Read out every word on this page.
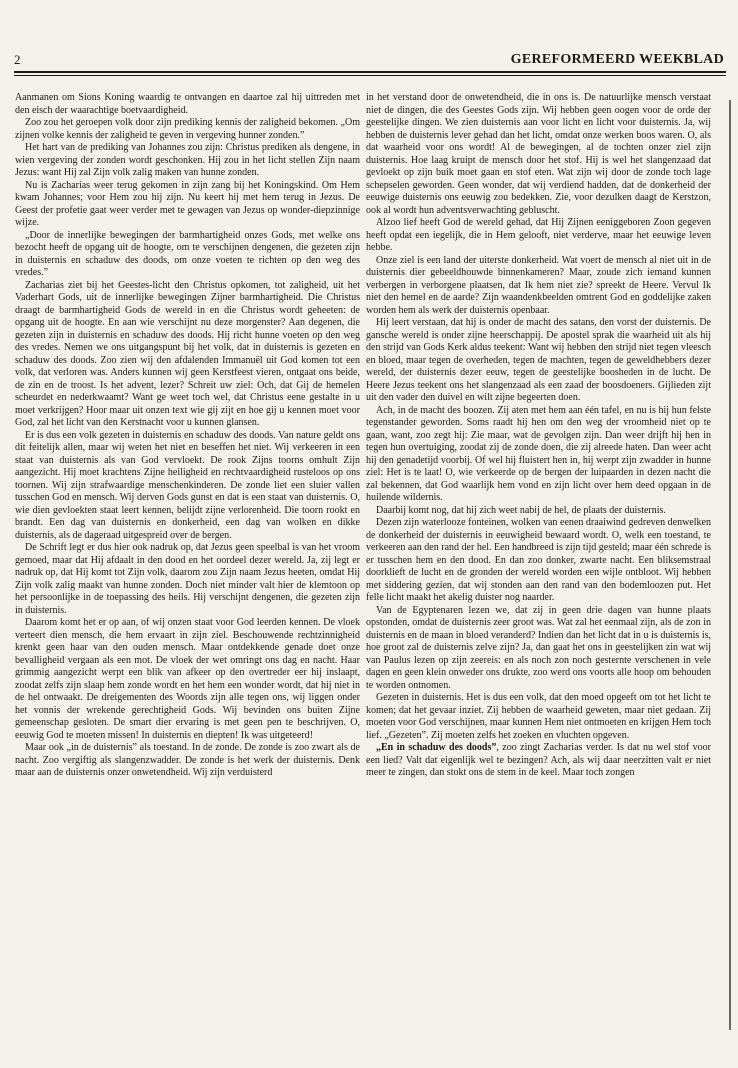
2	GEREFORMEERD WEEKBLAD

Aanmanen om Sions Koning waardig te ontvangen en daartoe zal hij uittreden met den eisch der waarachtige boetvaardigheid.

Zoo zou het geroepen volk door zijn prediking kennis der zaligheid bekomen. „Om zijnen volke kennis der zaligheid te geven in vergeving hunner zonden.”

Het hart van de prediking van Johannes zou zijn: Christus prediken als dengene, in wien vergeving der zonden wordt geschonken. Hij zou in het licht stellen Zijn naam Jezus: want Hij zal Zijn volk zalig maken van hunne zonden.

Nu is Zacharias weer terug gekomen in zijn zang bij het Koningskind. Om Hem kwam Johannes; voor Hem zou hij zijn. Nu keert hij met hem terug in Jezus. De Geest der profetie gaat weer verder met te gewagen van Jezus op wonder-diepzinnige wijze.

„Door de innerlijke bewegingen der barmhartigheid onzes Gods, met welke ons bezocht heeft de opgang uit de hoogte, om te verschijnen dengenen, die gezeten zijn in duisternis en schaduw des doods, om onze voeten te richten op den weg des vredes.”

Zacharias ziet bij het Geestes-licht den Christus opkomen, tot zaligheid, uit het Vaderhart Gods, uit de innerlijke bewegingen Zijner barmhartigheid. Die Christus draagt de barmhartigheid Gods de wereld in en die Christus wordt geheeten: de opgang uit de hoogte. En aan wie verschijnt nu deze morgenster? Aan degenen, die gezeten zijn in duisternis en schaduw des doods. Hij richt hunne voeten op den weg des vredes. Nemen we ons uitgangspunt bij het volk, dat in duisternis is gezeten en schaduw des doods. Zoo zien wij den afdalenden Immanuël uit God komen tot een volk, dat verloren was. Anders kunnen wij geen Kerstfeest vieren, ontgaat ons beide, de zin en de troost. Is het advent, lezer? Schreit uw ziel: Och, dat Gij de hemelen scheurdet en nederkwaamt? Want ge weet toch wel, dat Christus eene gestalte in u moet verkrijgen? Hoor maar uit onzen text wie gij zijt en hoe gij u kennen moet voor God, zal het licht van den Kerstnacht voor u kunnen glansen.

Er is dus een volk gezeten in duisternis en schaduw des doods. Van nature geldt ons dit feitelijk allen, maar wij weten het niet en beseffen het niet. Wij verkeeren in een staat van duisternis als van God vervloekt. De rook Zijns toorns omhult Zijn aangezicht. Hij moet krachtens Zijne heiligheid en rechtvaardigheid rusteloos op ons toornen. Wij zijn strafwaardige menschenkinderen. De zonde liet een sluier vallen tusschen God en mensch. Wij derven Gods gunst en dat is een staat van duisternis. O, wie dien gevloekten staat leert kennen, belijdt zijne verlorenheid. Die toorn rookt en brandt. Een dag van duisternis en donkerheid, een dag van wolken en dikke duisternis, als de dageraad uitgespreid over de bergen.

De Schrift legt er dus hier ook nadruk op, dat Jezus geen speelbal is van het vroom gemoed, maar dat Hij afdaalt in den dood en het oordeel dezer wereld. Ja, zij legt er nadruk op, dat Hij komt tot Zijn volk, daarom zou Zijn naam Jezus heeten, omdat Hij Zijn volk zalig maakt van hunne zonden. Doch niet minder valt hier de klemtoon op het persoonlijke in de toepassing des heils. Hij verschijnt dengenen, die gezeten zijn in duisternis.

Daarom komt het er op aan, of wij onzen staat voor God leerden kennen. De vloek verteert dien mensch, die hem ervaart in zijn ziel. Beschouwende rechtzinnigheid krenkt geen haar van den ouden mensch. Maar ontdekkende genade doet onze bevalligheid vergaan als een mot. De vloek der wet omringt ons dag en nacht. Haar grimmig aangezicht werpt een blik van afkeer op den overtreder eer hij inslaapt, zoodat zelfs zijn slaap hem zonde wordt en het hem een wonder wordt, dat hij niet in de hel ontwaakt. De dreigementen des Woords zijn alle tegen ons, wij liggen onder het vonnis der wrekende gerechtigheid Gods. Wij bevinden ons buiten Zijne gemeenschap gesloten. De smart dier ervaring is met geen pen te beschrijven. O, eeuwig God te moeten missen! In duisternis en diepten! Ik was uitgeteerd!

Maar ook „in de duisternis” als toestand. In de zonde. De zonde is zoo zwart als de nacht. Zoo vergiftig als slangenzwadder. De zonde is het werk der duisternis. Denk maar aan de duisternis onzer onwetendheid. Wij zijn verduisterd

in het verstand door de onwetendheid, die in ons is. De natuurlijke mensch verstaat niet de dingen, die des Geestes Gods zijn. Wij hebben geen oogen voor de orde der geestelijke dingen. We zien duisternis aan voor licht en licht voor duisternis. Ja, wij hebben de duisternis lever gehad dan het licht, omdat onze werken boos waren. O, als dat waarheid voor ons wordt! Al de bewegingen, al de tochten onzer ziel zijn duisternis. Hoe laag kruipt de mensch door het stof. Hij is wel het slangenzaad dat gevloekt op zijn buik moet gaan en stof eten. Wat zijn wij door de zonde toch lage schepselen geworden. Geen wonder, dat wij verdiend hadden, dat de donkerheid der eeuwige duisternis ons eeuwig zou bedekken. Zie, voor dezulken daagt de Kerstzon, ook al wordt hun adventsverwachting gebluscht.

Alzoo lief heeft God de wereld gehad, dat Hij Zijnen eeniggeboren Zoon gegeven heeft opdat een iegelijk, die in Hem gelooft, niet verderve, maar het eeuwige leven hebbe.

Onze ziel is een land der uiterste donkerheid. Wat voert de mensch al niet uit in de duisternis dier gebeeldhouwde binnenkameren? Maar, zoude zich iemand kunnen verbergen in verborgene plaatsen, dat Ik hem niet zie? spreekt de Heere. Vervul Ik niet den hemel en de aarde? Zijn waandenkbeelden omtrent God en goddelijke zaken worden hem als werk der duisternis openbaar.

Hij leert verstaan, dat hij is onder de macht des satans, den vorst der duisternis. De gansche wereld is onder zijne heerschappij. De apostel sprak die waarheid uit als hij den strijd van Gods Kerk aldus teekent: Want wij hebben den strijd niet tegen vleesch en bloed, maar tegen de overheden, tegen de machten, tegen de geweldhebbers dezer wereld, der duisternis dezer eeuw, tegen de geestelijke boosheden in de lucht. De Heere Jezus teekent ons het slangenzaad als een zaad der boosdoeners. Gijlieden zijt uit den vader den duivel en wilt zijne begeerten doen.

Ach, in de macht des boozen. Zij aten met hem aan één tafel, en nu is hij hun felste tegenstander geworden. Soms raadt hij hen om den weg der vroomheid niet op te gaan, want, zoo zegt hij: Zie maar, wat de gevolgen zijn. Dan weer drijft hij hen in tegen hun overtuiging, zoodat zij de zonde doen, die zij alreede haten. Dan weer acht hij den genadetijd voorbij. Of wel hij fluistert hen in, hij werpt zijn zwadder in hunne ziel: Het is te laat! O, wie verkeerde op de bergen der luipaarden in dezen nacht die zal bekennen, dat God waarlijk hem vond en zijn licht over hem deed opgaan in de huilende wildernis.

Daarbij komt nog, dat hij zich weet nabij de hel, de plaats der duisternis.

Dezen zijn waterlooze fonteinen, wolken van eenen draaiwind gedreven denwelken de donkerheid der duisternis in eeuwigheid bewaard wordt. O, welk een toestand, te verkeeren aan den rand der hel. Een handbreed is zijn tijd gesteld; maar één schrede is er tusschen hem en den dood. En dan zoo donker, zwarte nacht. Een bliksemstraal doorklieft de lucht en de gronden der wereld worden een wijle ontbloot. Wij hebben met siddering gezien, dat wij stonden aan den rand van den bodemloozen put. Het felle licht maakt het akelig duister nog naarder.

Van de Egyptenaren lezen we, dat zij in geen drie dagen van hunne plaats opstonden, omdat de duisternis zeer groot was. Wat zal het eenmaal zijn, als de zon in duisternis en de maan in bloed veranderd? Indien dan het licht dat in u is duisternis is, hoe groot zal de duisternis zelve zijn? Ja, dan gaat het ons in geestelijken zin wat wij van Paulus lezen op zijn zeereis: en als noch zon noch gesternte verschenen in vele dagen en geen klein onweder ons drukte, zoo werd ons voorts alle hoop om behouden te worden ontnomen.

Gezeten in duisternis. Het is dus een volk, dat den moed opgeeft om tot het licht te komen; dat het gevaar inziet. Zij hebben de waarheid geweten, maar niet gedaan. Zij moeten voor God verschijnen, maar kunnen Hem niet ontmoeten en krijgen Hem toch lief. „Gezeten”. Zij moeten zelfs het zoeken en vluchten opgeven.

„En in schaduw des doods”, zoo zingt Zacharias verder. Is dat nu wel stof voor een lied? Valt dat eigenlijk wel te bezingen? Ach, als wij daar neerzitten valt er niet meer te zingen, dan stokt ons de stem in de keel. Maar toch zongen
